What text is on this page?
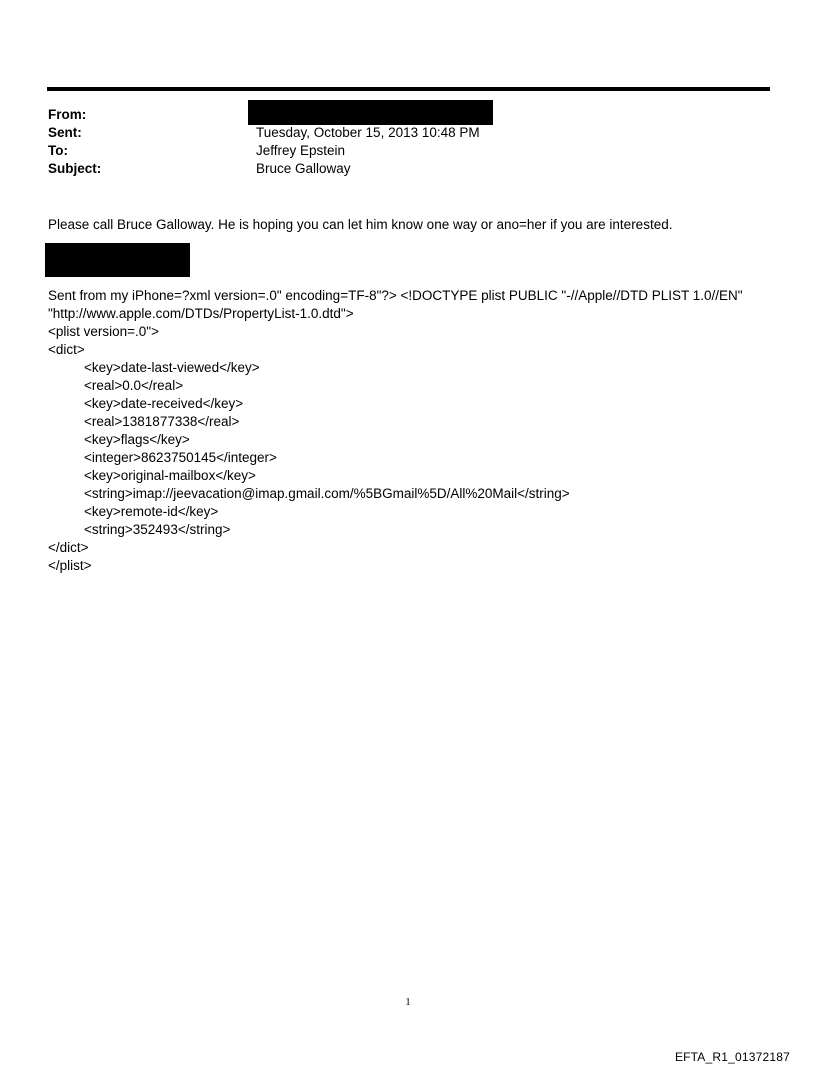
From:
Sent:	Tuesday, October 15, 2013 10:48 PM
To:	Jeffrey Epstein
Subject:	Bruce Galloway
Please call Bruce Galloway. He is hoping you can let him know one way or ano=her if you are interested.
Sent from my iPhone=?xml version=.0" encoding=TF-8"?> <!DOCTYPE plist PUBLIC "-//Apple//DTD PLIST 1.0//EN"
"http://www.apple.com/DTDs/PropertyList-1.0.dtd">
<plist version=.0">
<dict>
<key>date-last-viewed</key>
<real>0.0</real>
<key>date-received</key>
<real>1381877338</real>
<key>flags</key>
<integer>8623750145</integer>
<key>original-mailbox</key>
<string>imap://jeevacation@imap.gmail.com/%5BGmail%5D/All%20Mail</string>
<key>remote-id</key>
<string>352493</string>
</dict>
</plist>
1
EFTA_R1_01372187
